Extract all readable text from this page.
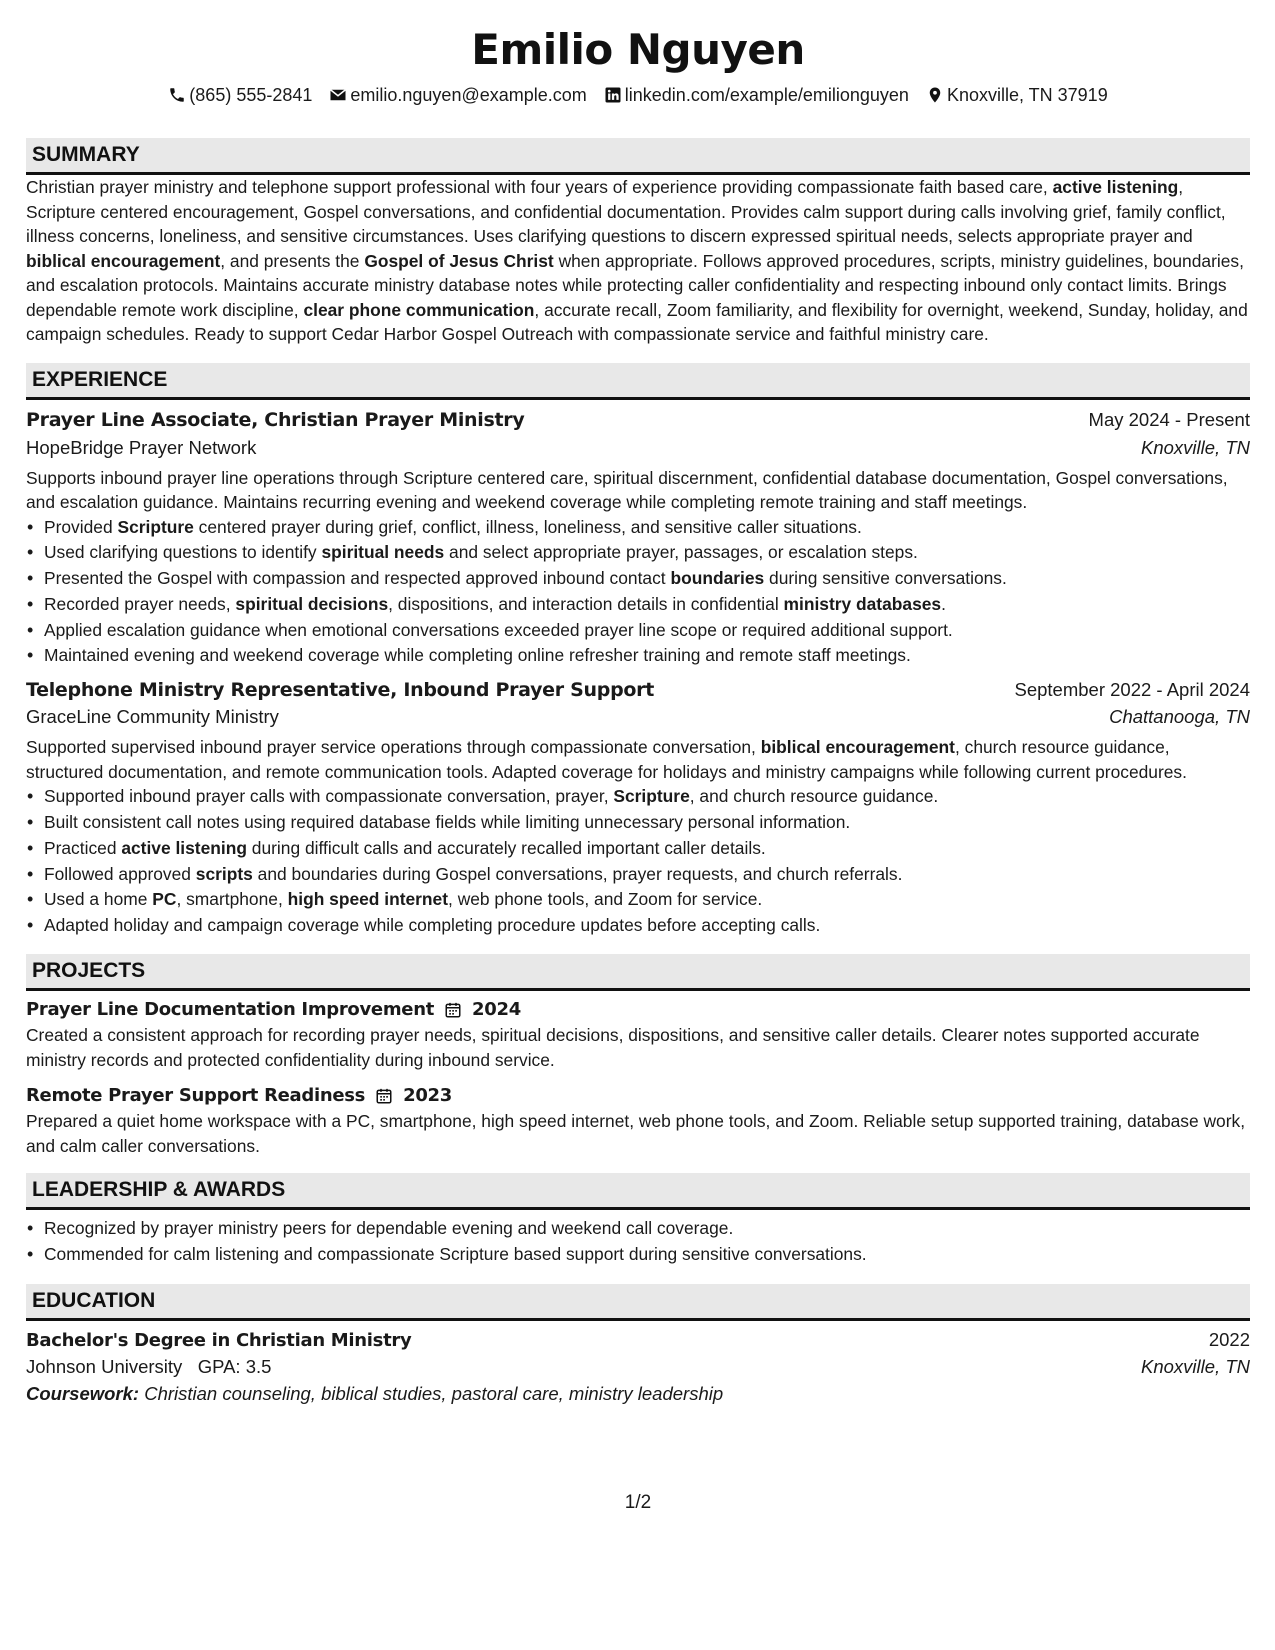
Emilio Nguyen
(865) 555-2841 emilio.nguyen@example.com linkedin.com/example/emilionguyen Knoxville, TN 37919
SUMMARY

Christian prayer ministry and telephone support professional with four years of experience providing compassionate faith based care, active listening, Scripture centered encouragement, Gospel conversations, and confidential documentation. Provides calm support during calls involving grief, family conflict, illness concerns, loneliness, and sensitive circumstances. Uses clarifying questions to discern expressed spiritual needs, selects appropriate prayer and biblical encouragement, and presents the Gospel of Jesus Christ when appropriate. Follows approved procedures, scripts, ministry guidelines, boundaries, and escalation protocols. Maintains accurate ministry database notes while protecting caller confidentiality and respecting inbound only contact limits. Brings dependable remote work discipline, clear phone communication, accurate recall, Zoom familiarity, and flexibility for overnight, weekend, Sunday, holiday, and campaign schedules. Ready to support Cedar Harbor Gospel Outreach with compassionate service and faithful ministry care.

EXPERIENCE
Prayer Line Associate, Christian Prayer Ministry	May 2024 - Present
HopeBridge Prayer Network	Knoxville, TN

Supports inbound prayer line operations through Scripture centered care, spiritual discernment, confidential database documentation, Gospel conversations, and escalation guidance. Maintains recurring evening and weekend coverage while completing remote training and staff meetings.

• Provided Scripture centered prayer during grief, conflict, illness, loneliness, and sensitive caller situations.
• Used clarifying questions to identify spiritual needs and select appropriate prayer, passages, or escalation steps.
• Presented the Gospel with compassion and respected approved inbound contact boundaries during sensitive conversations.
• Recorded prayer needs, spiritual decisions, dispositions, and interaction details in confidential ministry databases.
• Applied escalation guidance when emotional conversations exceeded prayer line scope or required additional support.
• Maintained evening and weekend coverage while completing online refresher training and remote staff meetings.
Telephone Ministry Representative, Inbound Prayer Support	September 2022 - April 2024
GraceLine Community Ministry	Chattanooga, TN

Supported supervised inbound prayer service operations through compassionate conversation, biblical encouragement, church resource guidance, structured documentation, and remote communication tools. Adapted coverage for holidays and ministry campaigns while following current procedures.

• Supported inbound prayer calls with compassionate conversation, prayer, Scripture, and church resource guidance.
• Built consistent call notes using required database fields while limiting unnecessary personal information.
• Practiced active listening during difficult calls and accurately recalled important caller details.
• Followed approved scripts and boundaries during Gospel conversations, prayer requests, and church referrals.
• Used a home PC, smartphone, high speed internet, web phone tools, and Zoom for service.
• Adapted holiday and campaign coverage while completing procedure updates before accepting calls.
PROJECTS
Prayer Line Documentation Improvement 2024

Created a consistent approach for recording prayer needs, spiritual decisions, dispositions, and sensitive caller details. Clearer notes supported accurate ministry records and protected confidentiality during inbound service.

Remote Prayer Support Readiness 2023

Prepared a quiet home workspace with a PC, smartphone, high speed internet, web phone tools, and Zoom. Reliable setup supported training, database work, and calm caller conversations.

LEADERSHIP & AWARDS
• Recognized by prayer ministry peers for dependable evening and weekend call coverage.
• Commended for calm listening and compassionate Scripture based support during sensitive conversations.
EDUCATION
Bachelor's Degree in Christian Ministry	2022
Johnson University GPA: 3.5	Knoxville, TN
Coursework: Christian counseling, biblical studies, pastoral care, ministry leadership
1/2
